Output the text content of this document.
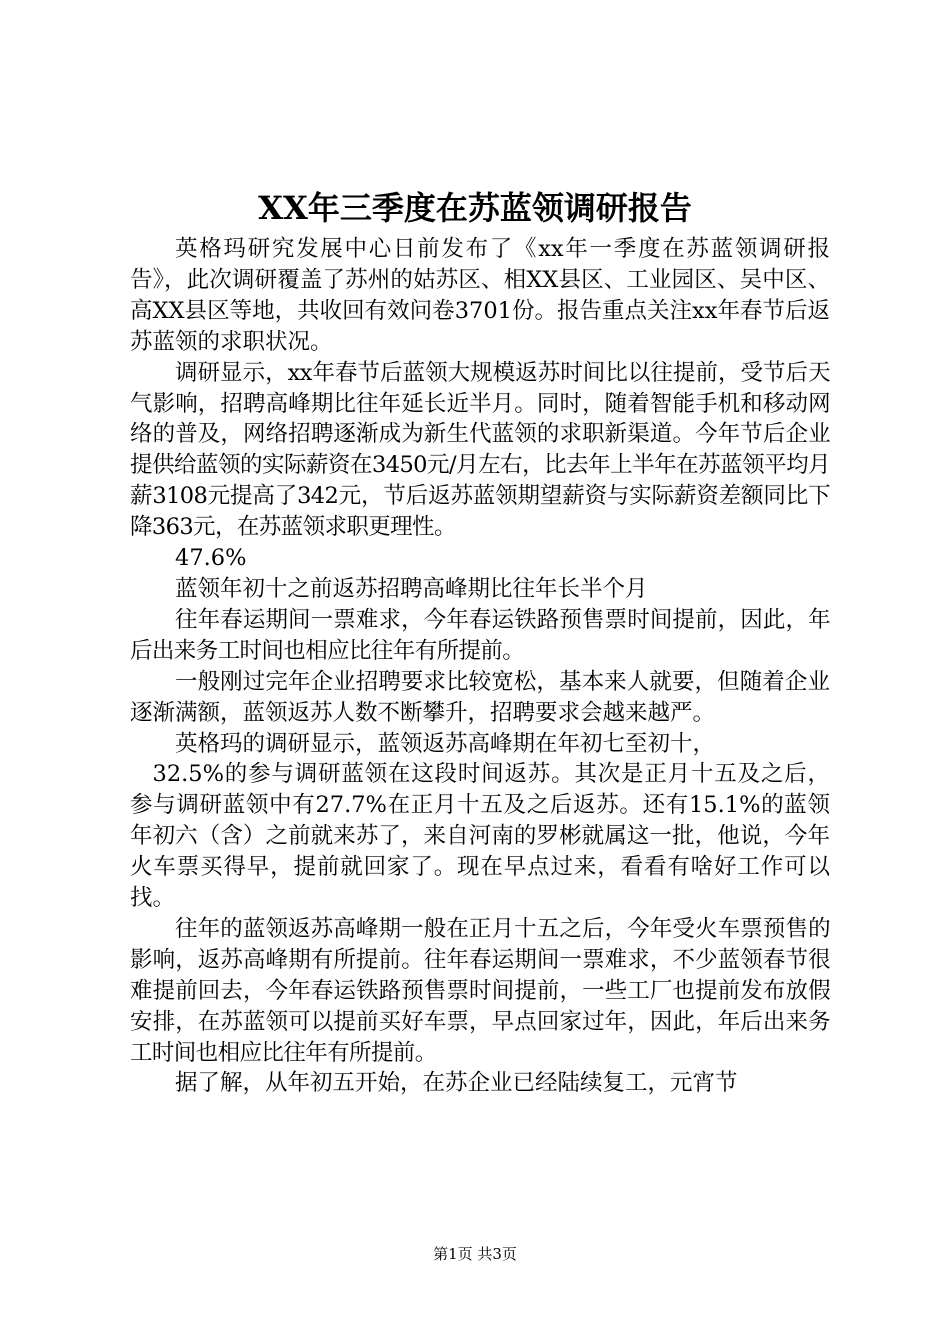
XX年三季度在苏蓝领调研报告

英格玛研究发展中心日前发布了《xx年一季度在苏蓝领调研报告》，此次调研覆盖了苏州的姑苏区、相XX县区、工业园区、吴中区、高XX县区等地，共收回有效问卷3701份。报告重点关注xx年春节后返苏蓝领的求职状况。

调研显示，xx年春节后蓝领大规模返苏时间比以往提前，受节后天气影响，招聘高峰期比往年延长近半月。同时，随着智能手机和移动网络的普及，网络招聘逐渐成为新生代蓝领的求职新渠道。今年节后企业提供给蓝领的实际薪资在3450元/月左右，比去年上半年在苏蓝领平均月薪3108元提高了342元，节后返苏蓝领期望薪资与实际薪资差额同比下降363元，在苏蓝领求职更理性。

47.6%

蓝领年初十之前返苏招聘高峰期比往年长半个月

往年春运期间一票难求，今年春运铁路预售票时间提前，因此，年后出来务工时间也相应比往年有所提前。

一般刚过完年企业招聘要求比较宽松，基本来人就要，但随着企业逐渐满额，蓝领返苏人数不断攀升，招聘要求会越来越严。

英格玛的调研显示，蓝领返苏高峰期在年初七至初十，

32.5%的参与调研蓝领在这段时间返苏。其次是正月十五及之后，参与调研蓝领中有27.7%在正月十五及之后返苏。还有15.1%的蓝领年初六（含）之前就来苏了，来自河南的罗彬就属这一批，他说，今年火车票买得早，提前就回家了。现在早点过来，看看有啥好工作可以找。

往年的蓝领返苏高峰期一般在正月十五之后，今年受火车票预售的影响，返苏高峰期有所提前。往年春运期间一票难求，不少蓝领春节很难提前回去，今年春运铁路预售票时间提前，一些工厂也提前发布放假安排，在苏蓝领可以提前买好车票，早点回家过年，因此，年后出来务工时间也相应比往年有所提前。

据了解，从年初五开始，在苏企业已经陆续复工，元宵节

第1页 共3页
